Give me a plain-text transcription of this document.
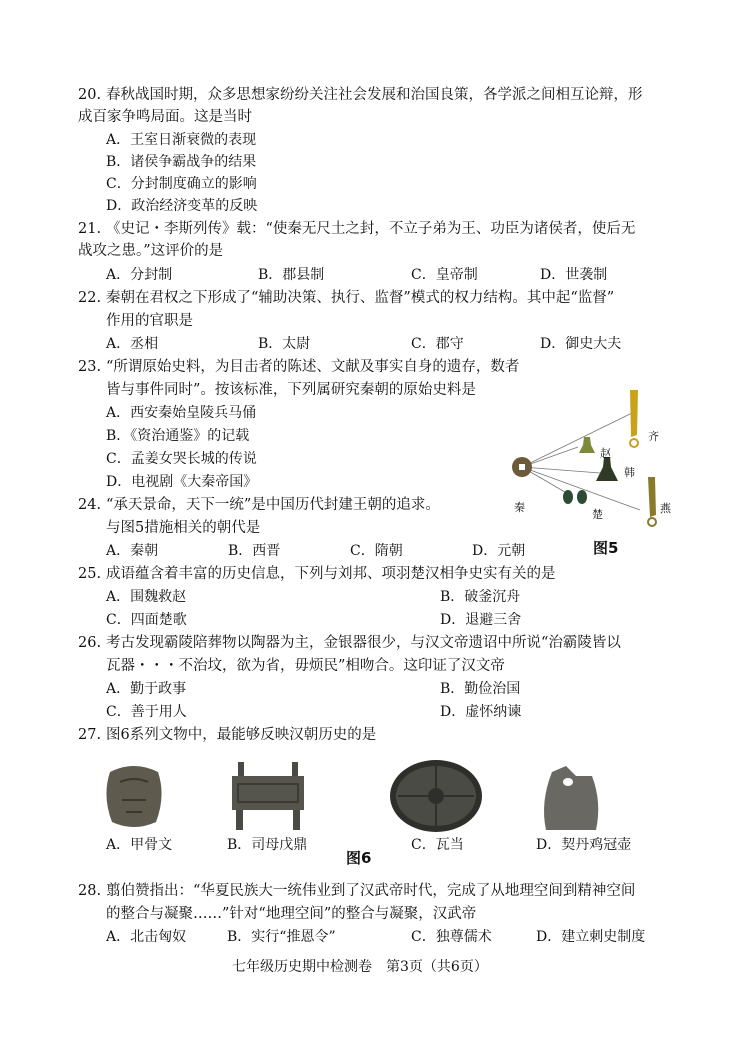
20. 春秋战国时期，众多思想家纷纷关注社会发展和治国良策，各学派之间相互论辩，形
成百家争鸣局面。这是当时
A．王室日渐衰微的表现
B．诸侯争霸战争的结果
C．分封制度确立的影响
D．政治经济变革的反映
21. 《史记・李斯列传》载：“使秦无尺土之封，不立子弟为王、功臣为诸侯者，使后无
战攻之患。”这评价的是
A．分封制	B．郡县制	C．皇帝制	D．世袭制
22. 秦朝在君权之下形成了“辅助决策、执行、监督”模式的权力结构。其中起“监督”
作用的官职是
A．丞相	B．太尉	C．郡守	D．御史大夫
23. “所谓原始史料，为目击者的陈述、文献及事实自身的遗存，数者
皆与事件同时”。按该标准，下列属研究秦朝的原始史料是
A．西安秦始皇陵兵马俑
B．《资治通鉴》的记载
C．孟姜女哭长城的传说
D．电视剧《大秦帝国》
24. “承天景命，天下一统”是中国历代封建王朝的追求。
与图5措施相关的朝代是
A．秦朝	B．西晋	C．隋朝	D．元朝
秦
齐
赵
韩
楚	燕
图5
25. 成语蕴含着丰富的历史信息，下列与刘邦、项羽楚汉相争史实有关的是
A．围魏救赵	B．破釜沉舟
C．四面楚歌	D．退避三舍
26. 考古发现霸陵陪葬物以陶器为主，金银器很少，与汉文帝遗诏中所说“治霸陵皆以
瓦器・・・不治坟，欲为省，毋烦民”相吻合。这印证了汉文帝
A．勤于政事	B．勤俭治国
C．善于用人	D．虚怀纳谏
27. 图6系列文物中，最能够反映汉朝历史的是
A．甲骨文	B．司母戊鼎	C．瓦当	D．契丹鸡冠壶
图6
28. 翦伯赞指出：“华夏民族大一统伟业到了汉武帝时代，完成了从地理空间到精神空间
的整合与凝聚……”针对“地理空间”的整合与凝聚，汉武帝
A．北击匈奴	B．实行“推恩令”	C．独尊儒术	D．建立刺史制度
七年级历史期中检测卷　第3页（共6页）
